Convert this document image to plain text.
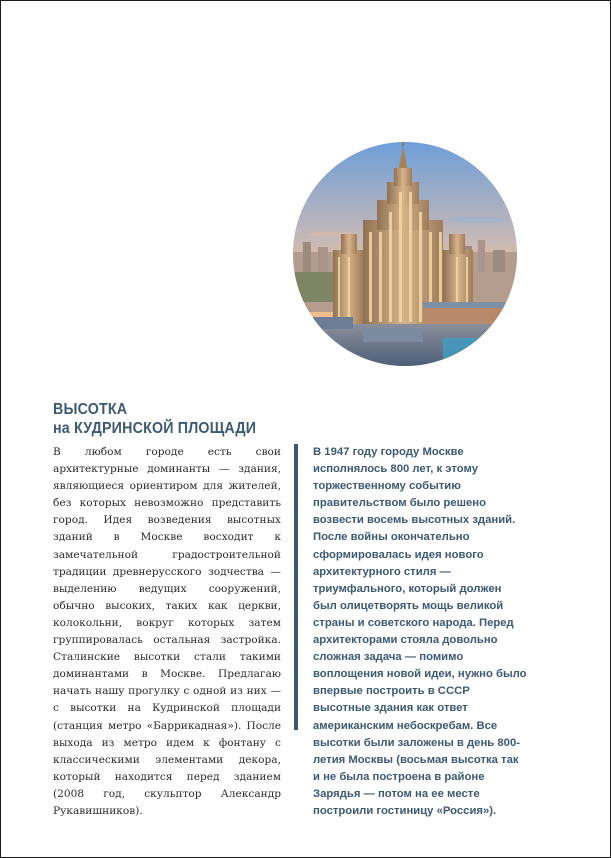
ВЫСОТКА
на КУДРИНСКОЙ ПЛОЩАДИ
В любом городе есть свои архитектурные доминанты — здания, являющиеся ориентиром для жителей, без которых невозможно представить город. Идея возведения высотных зданий в Москве восходит к замечательной градостроительной традиции древнерусского зодчества — выделению ведущих сооружений, обычно высоких, таких как церкви, колокольни, вокруг которых затем группировалась остальная застройка. Сталинские высотки стали такими доминантами в Москве. Предлагаю начать нашу прогулку с одной из них — с высотки на Кудринской площади (станция метро «Баррикадная»). После выхода из метро идем к фонтану с классическими элементами декора, который находится перед зданием (2008 год, скульптор Александр Рукавишников).
В 1947 году городу Москве исполнялось 800 лет, к этому торжественному событию правительством было решено возвести восемь высотных зданий. После войны окончательно сформировалась идея нового архитектурного стиля — триумфального, который должен был олицетворять мощь великой страны и советского народа. Перед архитекторами стояла довольно сложная задача — помимо воплощения новой идеи, нужно было впервые построить в СССР высотные здания как ответ американским небоскребам. Все высотки были заложены в день 800-летия Москвы (восьмая высотка так и не была построена в районе Зарядья — потом на ее месте построили гостиницу «Россия»).
